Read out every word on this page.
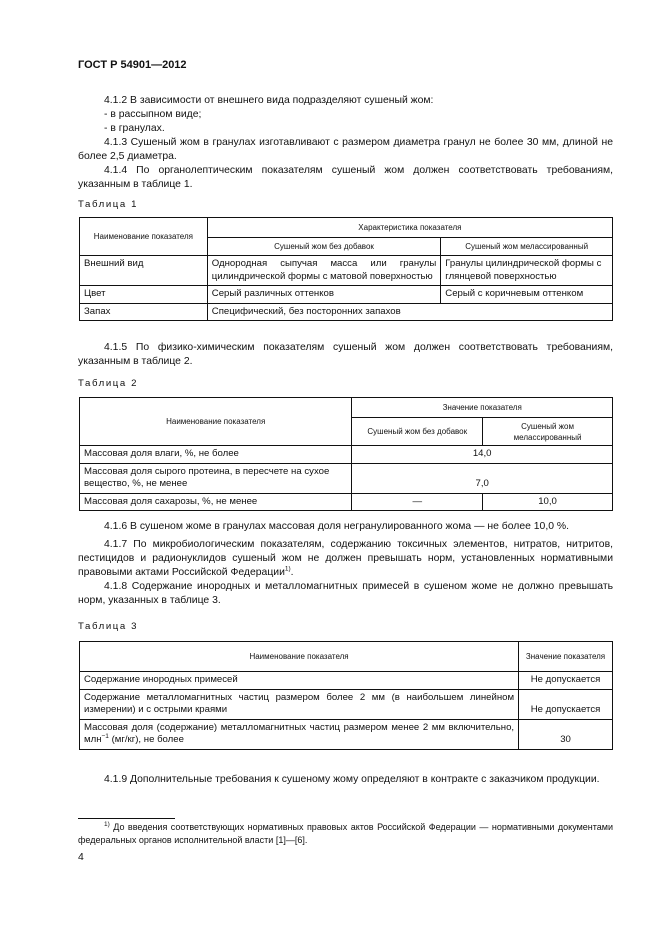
ГОСТ Р 54901—2012
4.1.2 В зависимости от внешнего вида подразделяют сушеный жом:
- в рассыпном виде;
- в гранулах.
4.1.3 Сушеный жом в гранулах изготавливают с размером диаметра гранул не более 30 мм, длиной не более 2,5 диаметра.
4.1.4 По органолептическим показателям сушеный жом должен соответствовать требованиям, указанным в таблице 1.
Таблица 1
Наименование показателя	Характеристика показателя	
	Сушеный жом без добавок	Сушеный жом мелассированный
Внешний вид	Однородная сыпучая масса или гранулы цилиндрической формы с матовой поверхностью	Гранулы цилиндрической формы с глянцевой поверхностью
Цвет	Серый различных оттенков	Серый с коричневым оттенком
Запах	Специфический, без посторонних запахов	
4.1.5 По физико-химическим показателям сушеный жом должен соответствовать требованиям, указанным в таблице 2.
Таблица 2
Наименование показателя	Значение показателя	
	Сушеный жом без добавок	Сушеный жом мелассированный
Массовая доля влаги, %, не более	14,0	
Массовая доля сырого протеина, в пересчете на сухое вещество, %, не менее	7,0	
Массовая доля сахарозы, %, не менее	—	10,0
4.1.6 В сушеном жоме в гранулах массовая доля негранулированного жома — не более 10,0 %.
4.1.7 По микробиологическим показателям, содержанию токсичных элементов, нитратов, нитритов, пестицидов и радионуклидов сушеный жом не должен превышать норм, установленных нормативными правовыми актами Российской Федерации$^{1)}$.
4.1.8 Содержание инородных и металломагнитных примесей в сушеном жоме не должно превышать норм, указанных в таблице 3.
Таблица 3
Наименование показателя	Значение показателя
Содержание инородных примесей	Не допускается
Содержание металломагнитных частиц размером более 2 мм (в наибольшем линейном измерении) и с острыми краями	Не допускается
Массовая доля (содержание) металломагнитных частиц размером менее 2 мм включительно, млн$^{-1}$ (мг/кг), не более	30
4.1.9 Дополнительные требования к сушеному жому определяют в контракте с заказчиком продукции.
$^{1)}$ До введения соответствующих нормативных правовых актов Российской Федерации — нормативными документами федеральных органов исполнительной власти [1]—[6].
4
